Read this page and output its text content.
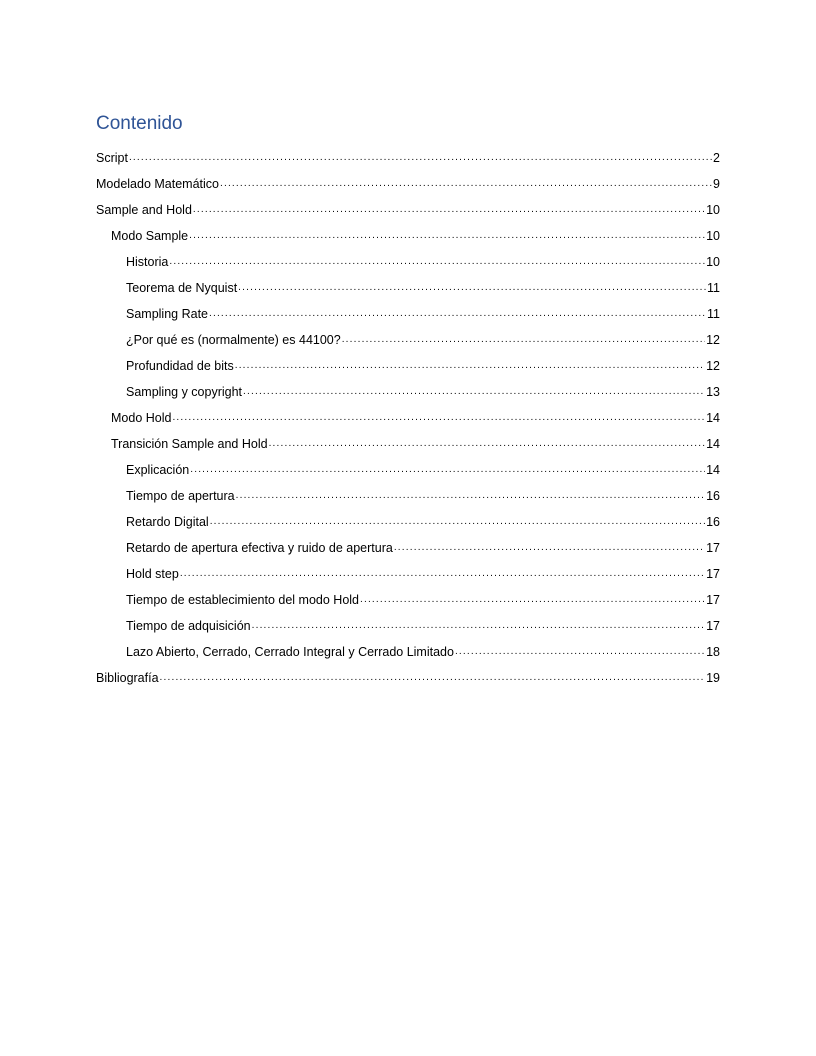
Contenido
Script .....	2
Modelado Matemático .....	9
Sample and Hold .....	10
Modo Sample .....	10
Historia .....	10
Teorema de Nyquist .....	11
Sampling Rate .....	11
¿Por qué es (normalmente) es 44100? .....	12
Profundidad de bits .....	12
Sampling y copyright .....	13
Modo Hold .....	14
Transición Sample and Hold .....	14
Explicación .....	14
Tiempo de apertura .....	16
Retardo Digital .....	16
Retardo de apertura efectiva y ruido de apertura .....	17
Hold step .....	17
Tiempo de establecimiento del modo Hold .....	17
Tiempo de adquisición .....	17
Lazo Abierto, Cerrado, Cerrado Integral y Cerrado Limitado .....	18
Bibliografía .....	19
